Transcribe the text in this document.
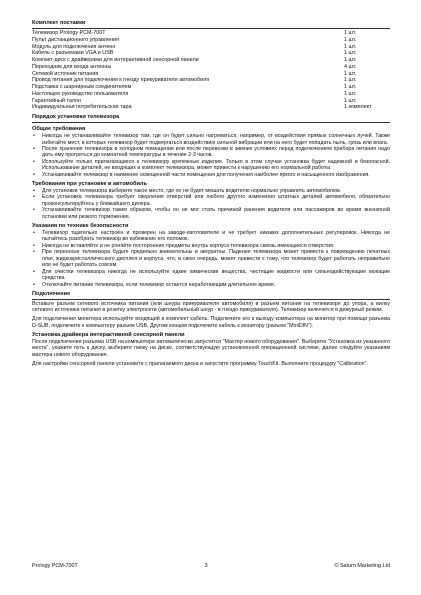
Комплект поставки
Телевизор Prology PCM-700T	1 шт.
Пульт дистанционного управления	1 шт.
Модуль для подключения антенн	1 шт.
Кабель с разъемами VGA и USB	1 шт.
Компакт-диск с драйверами для интерактивной сенсорной панели	1 шт.
Переходник для входа антенны	4 шт.
Сетевой источник питания	1 шт.
Провод питания для подключения к гнезду прикуривателя автомобиля	1 шт.
Подставка с шарнирным соединителем	1 шт.
Настоящее руководство пользователя	1 шт.
Гарантийный талон	1 шт.
Индивидуальная потребительская тара	1 комплект
Порядок установки телевизора
Общие требования
• Никогда не устанавливайте телевизор там, где он будет сильно нагреваться, например, от воздействия прямых солнечных лучей. Также избегайте мест, в которых телевизор будет подвергаться воздействию сильной вибрации или на него будет попадать пыль, грязь или влага.
• После хранения телевизора в холодном помещении или после перевозки в зимних условиях перед подключением прибора питания надо дать ему прогреться до комнатной температуры в течение 2-3 часов.
• Используйте только прилагающиеся к телевизору крепежные изделия. Только в этом случае установка будет надежной и безопасной. Использование деталей, не входящих в комплект телевизора, может привести к нарушению его нормальной работы.
• Устанавливайте телевизор в наименее освещенной части помещения для получения наиболее яркого и насыщенного изображения.
Требования при установке в автомобиль
• Для установки телевизора выберите такое место, где он не будет мешать водителю нормально управлять автомобилем.
• Если установка телевизора требует сверления отверстий или любого другого изменения штатных деталей автомобиля, обязательно проконсультируйтесь у ближайшего дилера.
• Устанавливайте телевизор таким образом, чтобы он не мог стать причиной ранения водителя или пассажиров во время внезапной остановки или резкого торможения.
Указания по технике безопасности
• Телевизор тщательно настроен и проверен на заводе-изготовителе и не требует никаких дополнительных регулировок. Никогда не пытайтесь разобрать телевизор во избежание его поломок.
• Никогда не вставляйте и не роняйте посторонние предметы внутрь корпуса телевизора сквозь имеющиеся отверстия.
• При переноске телевизора будьте предельно внимательны и аккуратны. Падение телевизора может привести к повреждению печатных плат, жидкокристаллического дисплея и корпуса, что, в свою очередь, может привести к тому, что телевизор будет работать неправильно или не будет работать совсем.
• Для очистки телевизора никогда не используйте едкие химические вещества, чистящие жидкости или сильнодействующие моющие средства.
• Отключайте питание телевизора, если телевизор остается неработающим длительное время.
Подключение

Вставьте разъем сетевого источника питания (или шнура прикуривателя автомобиля) в разъем питания на телевизоре до упора, а вилку сетевого источника питания в розетку электросети (автомобильный шнур - в гнездо прикуривателя). Телевизор включится в дежурный режим.

Для подключения монитора используйте входящий в комплект кабель. Подключите его к выходу компьютера на монитор при помощи разъема D-SUB, подключите к компьютеру разъем USB. Другим концом подключите кабель к монитору (разъем "MiniDIN").

Установка драйвера интерактивной сенсорной панели

После подключения разъема USB на компьютере автоматически запустится "Мастер нового оборудования". Выберите "Установка из указанного места", укажите путь к диску, выберите папку на диске, соответствующую установленной операционной системе, далее следуйте указаниям мастера нового оборудования.

Для настройки сенсорной панели установите с прилагаемого диска и запустите программу TouchKit. Выполните процедуру "Calibration".

Prology PCM-700T	3	© Saturn Marketing Ltd
